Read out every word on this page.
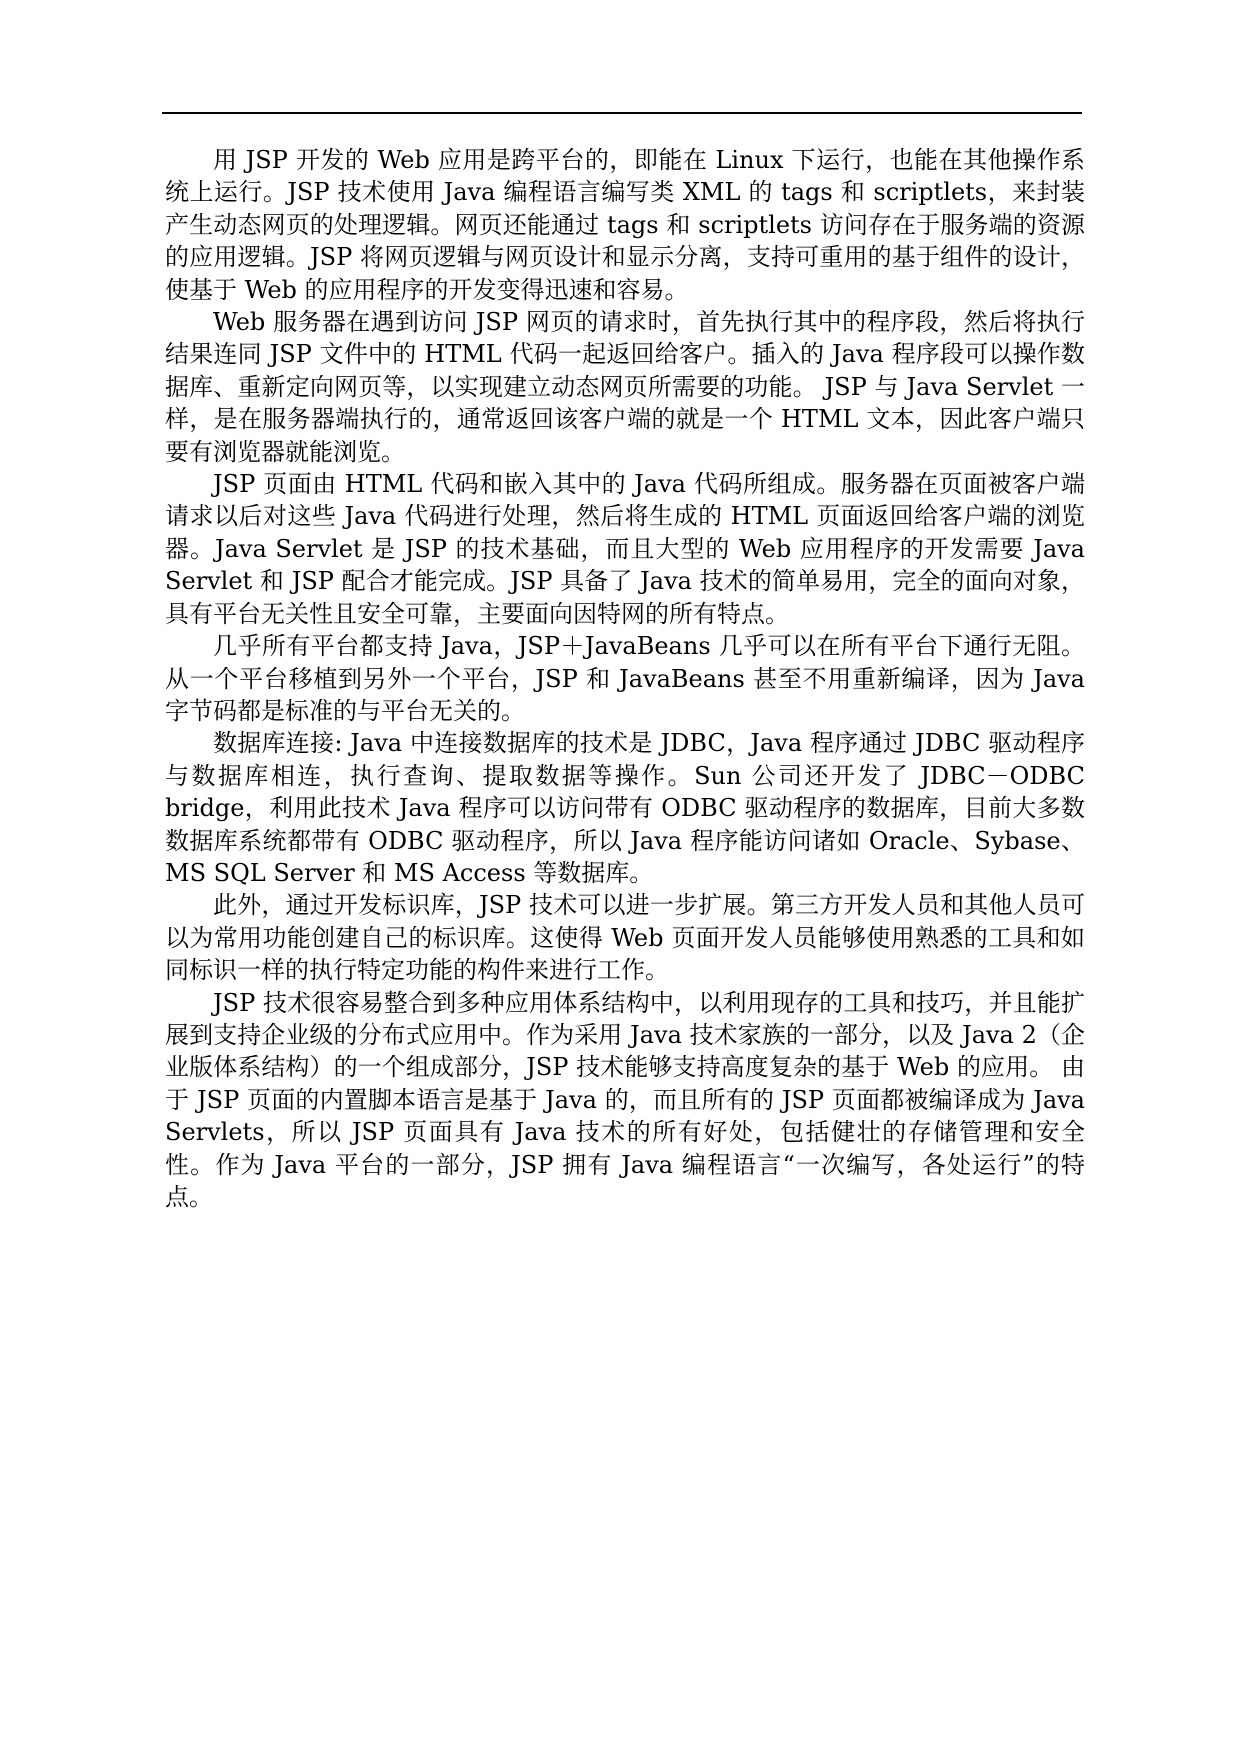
用 JSP 开发的 Web 应用是跨平台的，即能在 Linux 下运行，也能在其他操作系统上运行。JSP 技术使用 Java 编程语言编写类 XML 的 tags 和 scriptlets，来封装产生动态网页的处理逻辑。网页还能通过 tags 和 scriptlets 访问存在于服务端的资源的应用逻辑。JSP 将网页逻辑与网页设计和显示分离，支持可重用的基于组件的设计，使基于 Web 的应用程序的开发变得迅速和容易。

Web 服务器在遇到访问 JSP 网页的请求时，首先执行其中的程序段，然后将执行结果连同 JSP 文件中的 HTML 代码一起返回给客户。插入的 Java 程序段可以操作数据库、重新定向网页等，以实现建立动态网页所需要的功能。 JSP 与 Java Servlet 一样，是在服务器端执行的，通常返回该客户端的就是一个 HTML 文本，因此客户端只要有浏览器就能浏览。

JSP 页面由 HTML 代码和嵌入其中的 Java 代码所组成。服务器在页面被客户端请求以后对这些 Java 代码进行处理，然后将生成的 HTML 页面返回给客户端的浏览器。Java Servlet 是 JSP 的技术基础，而且大型的 Web 应用程序的开发需要 Java Servlet 和 JSP 配合才能完成。JSP 具备了 Java 技术的简单易用，完全的面向对象，具有平台无关性且安全可靠，主要面向因特网的所有特点。

几乎所有平台都支持 Java，JSP＋JavaBeans 几乎可以在所有平台下通行无阻。从一个平台移植到另外一个平台，JSP 和 JavaBeans 甚至不用重新编译，因为 Java 字节码都是标准的与平台无关的。

数据库连接: Java 中连接数据库的技术是 JDBC，Java 程序通过 JDBC 驱动程序与数据库相连，执行查询、提取数据等操作。Sun 公司还开发了 JDBC－ODBC bridge，利用此技术 Java 程序可以访问带有 ODBC 驱动程序的数据库，目前大多数数据库系统都带有 ODBC 驱动程序，所以 Java 程序能访问诸如 Oracle、Sybase、MS SQL Server 和 MS Access 等数据库。

此外，通过开发标识库，JSP 技术可以进一步扩展。第三方开发人员和其他人员可以为常用功能创建自己的标识库。这使得 Web 页面开发人员能够使用熟悉的工具和如同标识一样的执行特定功能的构件来进行工作。

JSP 技术很容易整合到多种应用体系结构中，以利用现存的工具和技巧，并且能扩展到支持企业级的分布式应用中。作为采用 Java 技术家族的一部分，以及 Java 2（企业版体系结构）的一个组成部分，JSP 技术能够支持高度复杂的基于 Web 的应用。 由于 JSP 页面的内置脚本语言是基于 Java 的，而且所有的 JSP 页面都被编译成为 Java Servlets，所以 JSP 页面具有 Java 技术的所有好处，包括健壮的存储管理和安全性。作为 Java 平台的一部分，JSP 拥有 Java 编程语言“一次编写，各处运行”的特点。
